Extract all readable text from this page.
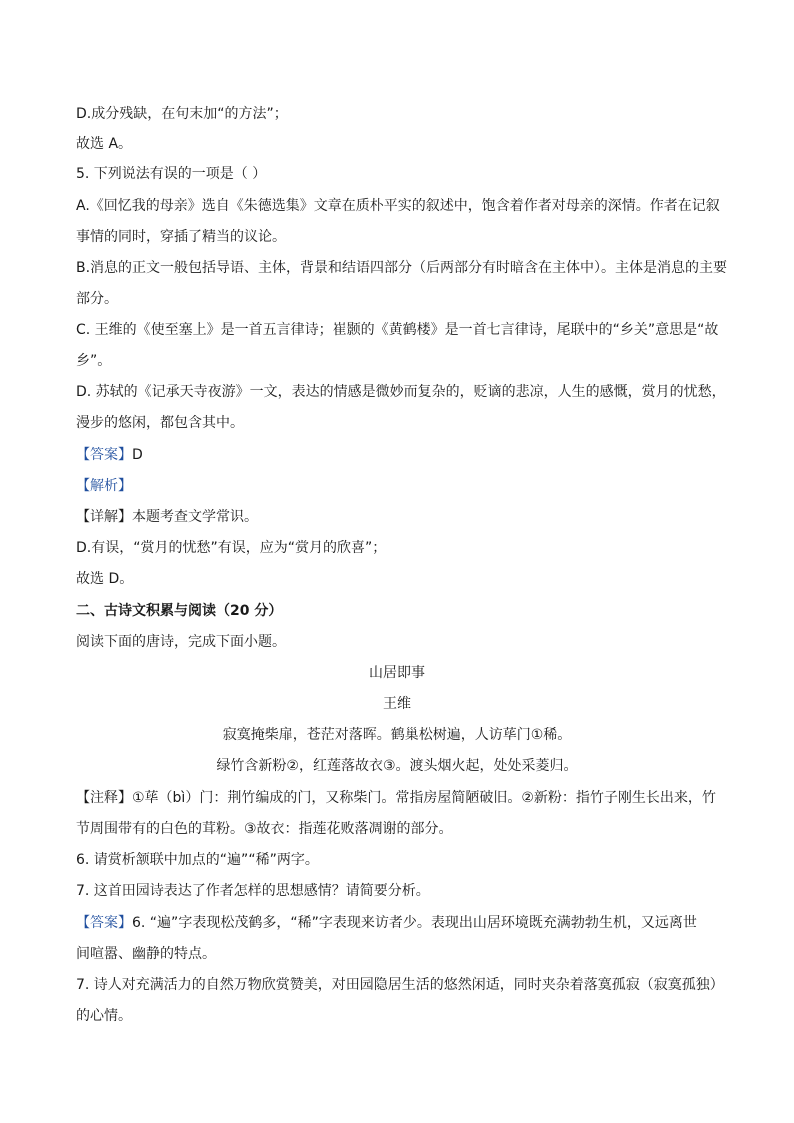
D.成分残缺，在句末加“的方法”；
故选 A。
5. 下列说法有误的一项是（ ）
A.《回忆我的母亲》选自《朱德选集》文章在质朴平实的叙述中，饱含着作者对母亲的深情。作者在记叙
事情的同时，穿插了精当的议论。
B.消息的正文一般包括导语、主体，背景和结语四部分（后两部分有时暗含在主体中）。主体是消息的主要
部分。
C. 王维的《使至塞上》是一首五言律诗；崔颢的《黄鹤楼》是一首七言律诗，尾联中的“乡关”意思是“故
乡”。
D. 苏轼的《记承天寺夜游》一文，表达的情感是微妙而复杂的，贬谪的悲凉，人生的感慨，赏月的忧愁，
漫步的悠闲，都包含其中。
【答案】D
【解析】
【详解】本题考查文学常识。
D.有误，“赏月的忧愁”有误，应为“赏月的欣喜”；
故选 D。
二、古诗文积累与阅读（20 分）
阅读下面的唐诗，完成下面小题。
山居即事
王维
寂寞掩柴扉，苍茫对落晖。鹤巢松树遍，人访荜门①稀。
绿竹含新粉②，红莲落故衣③。渡头烟火起，处处采菱归。
【注释】①荜（bì）门：荆竹编成的门，又称柴门。常指房屋简陋破旧。②新粉：指竹子刚生长出来，竹
节周围带有的白色的茸粉。③故衣：指莲花败落凋谢的部分。
6. 请赏析颔联中加点的“遍”“稀”两字。
7. 这首田园诗表达了作者怎样的思想感情？请简要分析。
【答案】6. “遍”字表现松茂鹤多，“稀”字表现来访者少。表现出山居环境既充满勃勃生机，又远离世
间喧嚣、幽静的特点。
7. 诗人对充满活力的自然万物欣赏赞美，对田园隐居生活的悠然闲适，同时夹杂着落寞孤寂（寂寞孤独）
的心情。
